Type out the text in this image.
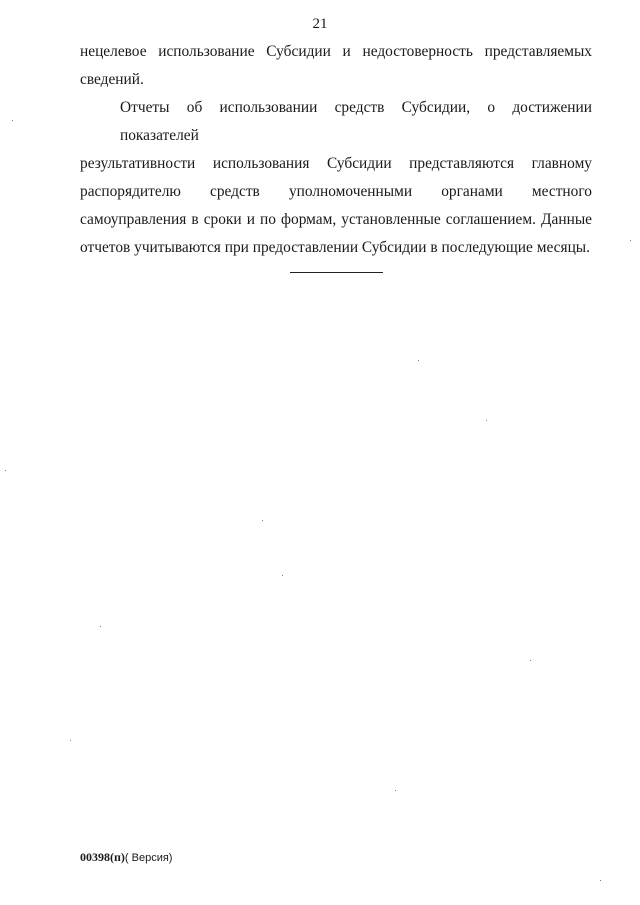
21
нецелевое использование Субсидии и недостоверность представляемых
сведений.
Отчеты об использовании средств Субсидии, о достижении показателей
результативности использования Субсидии представляются главному
распорядителю средств уполномоченными органами местного
самоуправления в сроки и по формам, установленные соглашением. Данные
отчетов учитываются при предоставлении Субсидии в последующие месяцы.
00398(п)( Версия)
